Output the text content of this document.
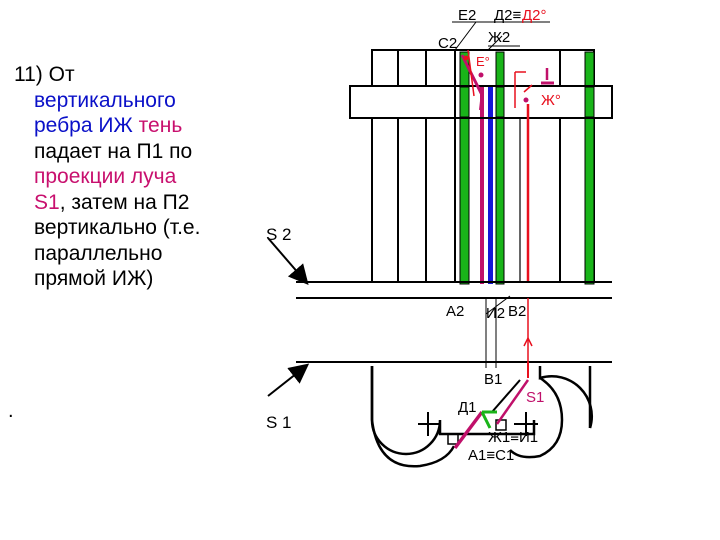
11) От
вертикального
ребра ИЖ тень
падает на П1 по
проекции луча
S1, затем на П2
вертикально (т.е.
параллельно
прямой ИЖ)
.
Е2 Д2≡ Д2°
С2 Ж2
Е°
Ж°
А2 И2 В2
S 2
S 1
В1
Д1
S1
Ж1≡И1
А1≡С1
